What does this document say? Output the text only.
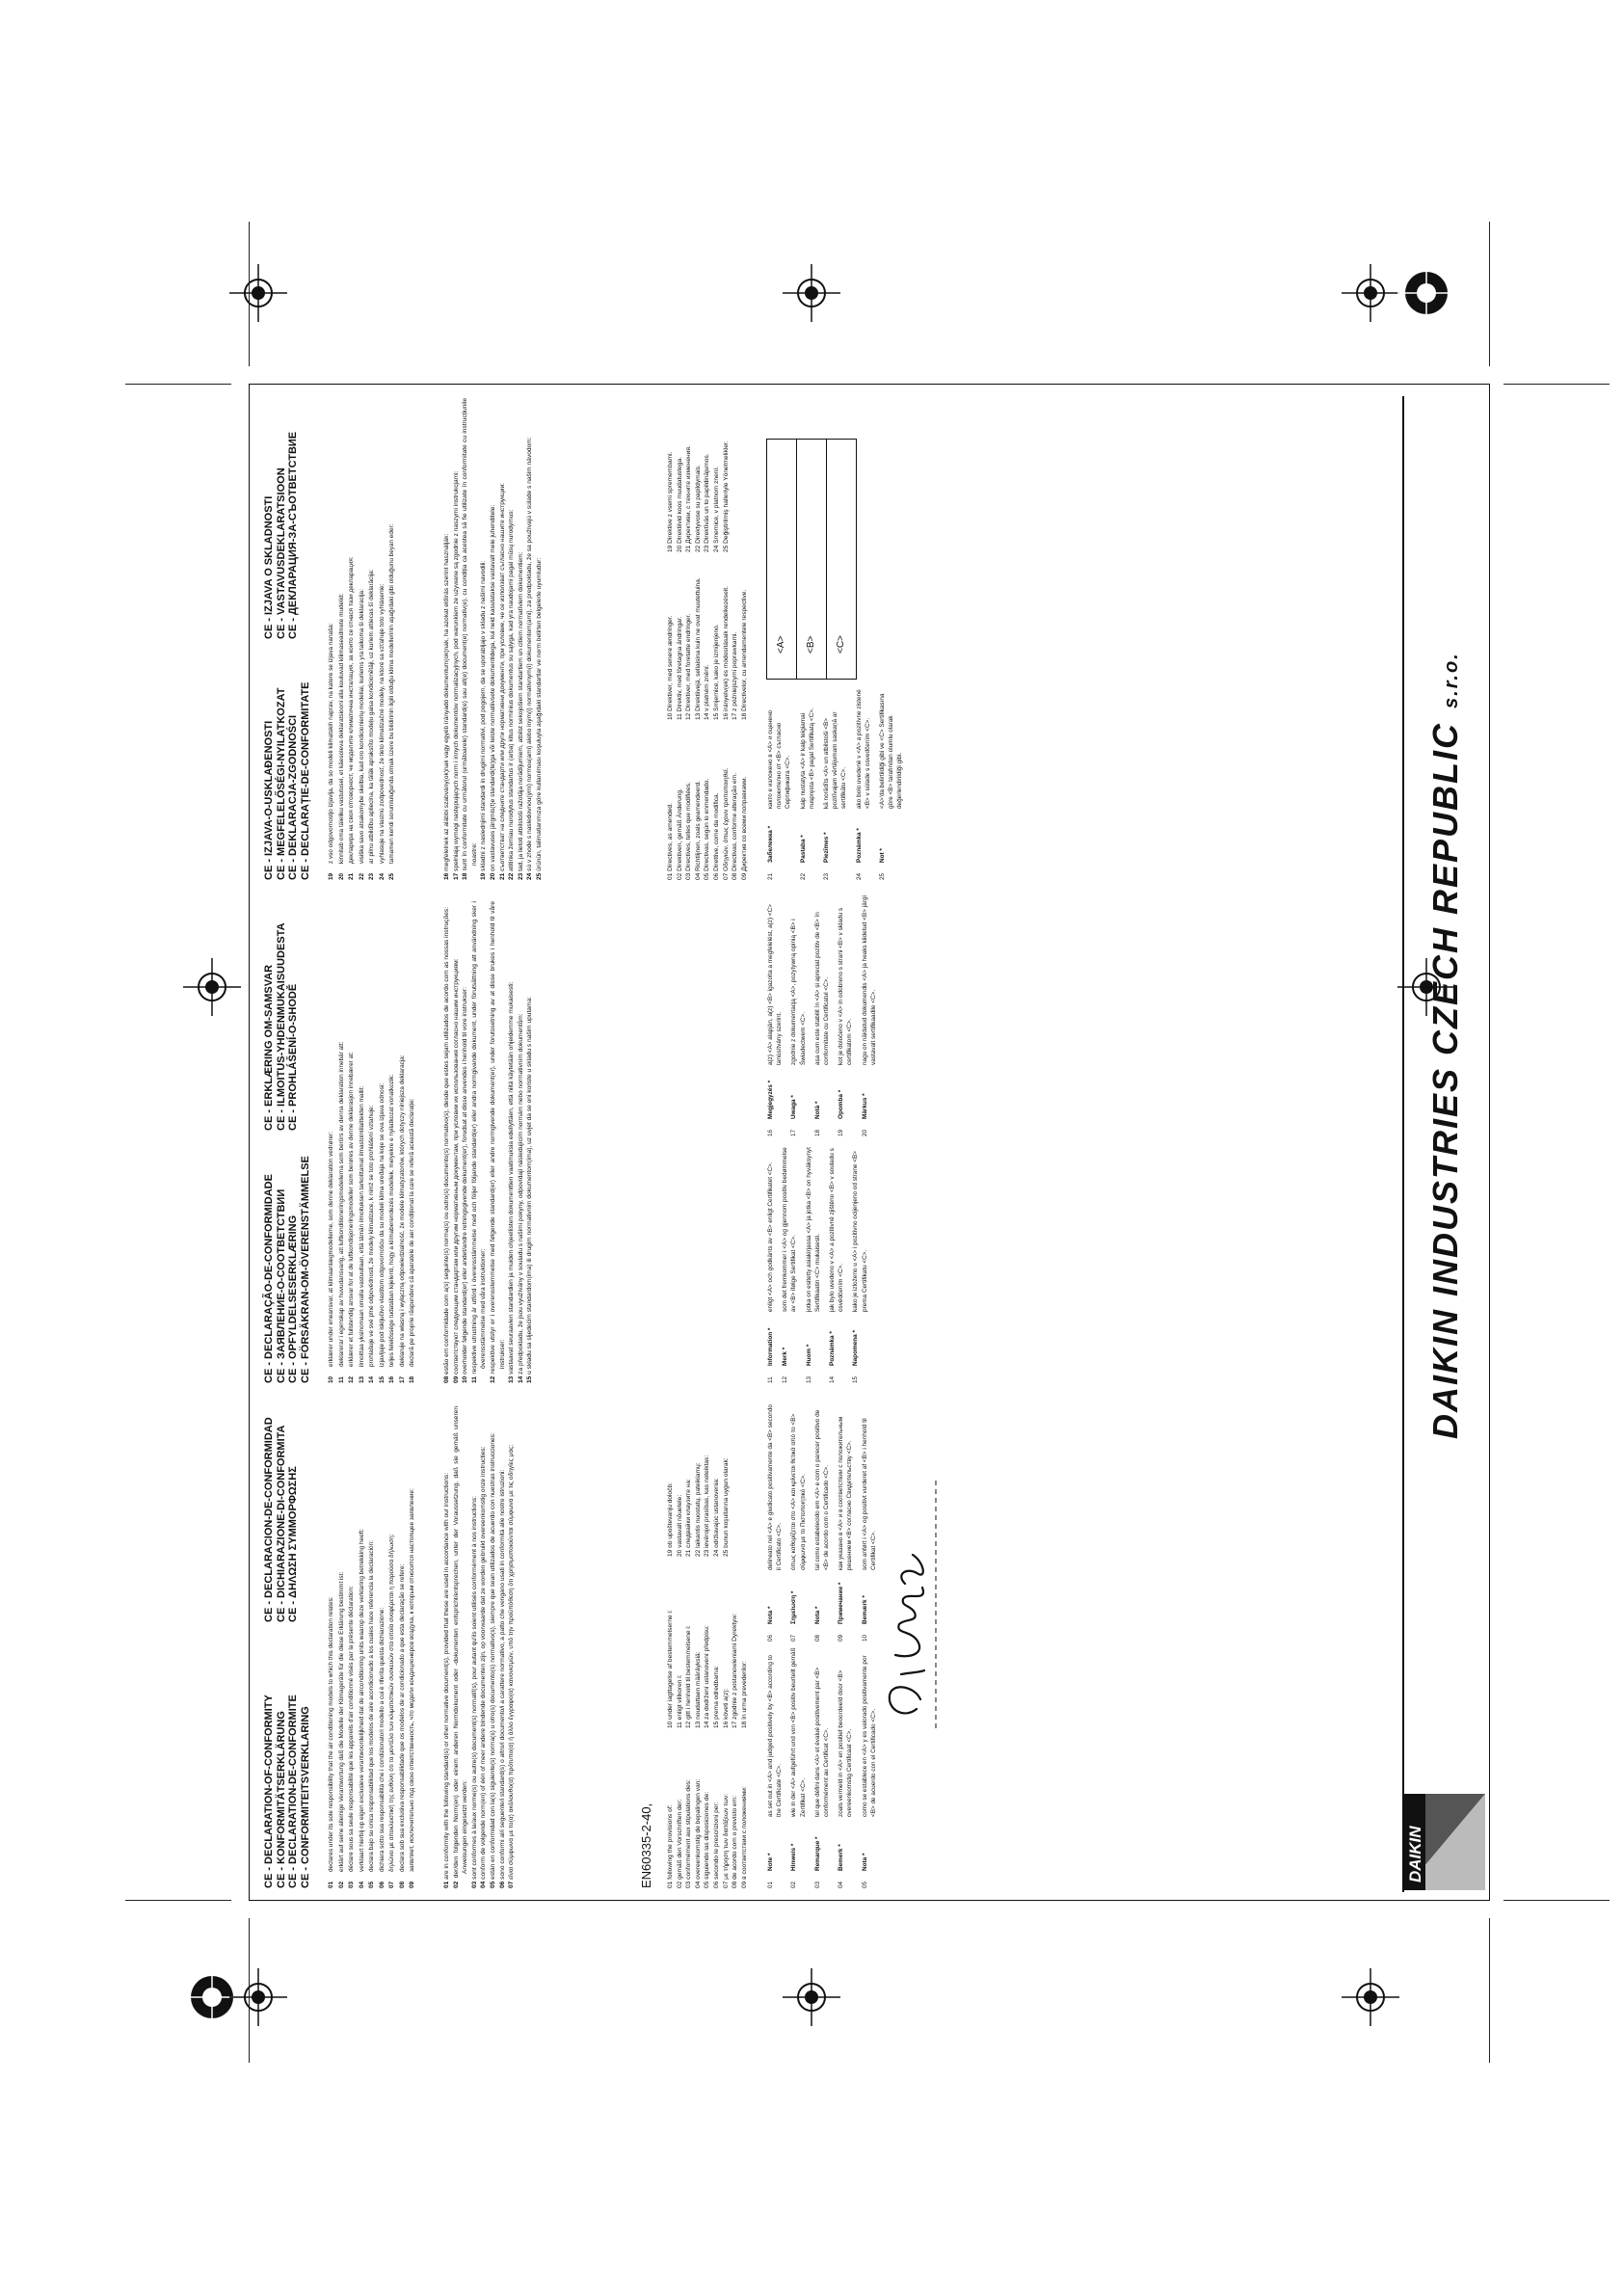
CE - DECLARATION-OF-CONFORMITY CE - KONFORMITÄTSERKLÄRUNG CE - DECLARATION-DE-CONFORMITE CE - CONFORMITEITSVERKLARING
CE - DECLARACION-DE-CONFORMIDAD CE - DICHIARAZIONE-DI-CONFORMITA CE - ΔΗΛΩΣΗ ΣΥΜΜΟΡΦΩΣΗΣ
01declares under its sole responsibility that the air conditioning models to which this declaration relates:
02erklärt auf seine alleinige Verantwortung daß die Modelle der Klimageräte für die diese Erklärung bestimmt ist:
03déclare sous sa seule responsabilité que les appareils d'air conditionné visés par la présente déclaration:
04verklaart hierbij op eigen exclusieve verantwoordelijkheid dat de airconditioning units waarop deze verklaring betrekking heeft:
05declara bajo su única responsabilidad que los modelos de aire acondicionado a los cuales hace referencia la declaración:
06dichiara sotto sua responsabilità che i condizionatori modello a cui è riferita questa dichiarazione:
07δηλώνει με αποκλειστική της ευθύνη ότι τα μοντέλα των κλιματιστικών συσκευών στα οποία αναφέρεται η παρούσα δήλωση:
08declara sob sua exclusiva responsabilidade que os modelos de ar condicionado a que esta declaração se refere:
09заявляет, исключительно под свою ответственность, что модели кондиционеров воздуха, к которым относится настоящее заявление:

01 are in conformity with the following standard(s) or other normative document(s), provided that these are used in accordance with our instructions:

02 der/den folgenden Norm(en) oder einem anderen Normdokument oder -dokumenten entspricht/entsprechen, unter der Voraussetzung, daß sie gemäß unseren Anweisungen eingesetzt werden:

03 sont conformes à la/aux norme(s) ou autre(s) document(s) normatif(s), pour autant qu'ils soient utilisés conformément à nos instructions:

04 conform de volgende norm(en) of één of meer andere bindende documenten zijn, op voorwaarde dat ze worden gebruikt overeenkomstig onze instructies:

05 están en conformidad con la(s) siguiente(s) norma(s) u otro(s) documento(s) normativo(s), siempre que sean utilizados de acuerdo con nuestras instrucciones:

06 sono conformi al/i seguente/i standard(s) o altro/i documento/i a carattere normativo, a patto che vengano usati in conformità alle nostre istruzioni:

07 είναι σύμφωνα με το(α) ακόλουθο(α) πρότυπο(α) ή άλλο έγγραφο(α) κανονισμών, υπό την προϋπόθεση ότι χρησιμοποιούνται σύμφωνα με τις οδηγίες μας:	EN60335-2-40, 01 following the provisions of: 02 gemäß den Vorschriften der: 03 conformément aux stipulations des: 04 overeenkomstig de bepalingen van: 05 siguiendo las disposiciones de: 06 secondo le prescrizioni per: 07 με τήρηση των διατάξεων των: 08 de acordo com o previsto em: 09 в соответствии с положениями:
10 under iagttagelse af bestemmelserne i: 11 enligt villkoren i: 12 gitt i henhold til bestemmelsene i: 13 noudattaen määräyksiä: 14 za dodržení ustanovení předpisu: 15 prema odredbama: 16 követi a(z): 17 zgodnie z postanowieniami Dyrektyw: 18 în urma prevederilor:
19 ob upoštevanju določb: 20 vastavalt nõuetele: 21 следвайки клаузите на: 22 laikantis nuostatų, pateikiamų: 23 ievērojot prasības, kas noteiktas: 24 održiavajúc ustanovenia: 25 bunun koşullarına uygun olarak:
01
Note *
as set out in <A> and judged positively by <B> according to the Certificate <C>.
02
Hinweis *
wie in der <A> aufgeführt und von <B> positiv beurteilt gemäß Zertifikat <C>.
03
Remarque *
tel que défini dans <A> et évalué positivement par <B> conformément au Certificat <C>.
04
Bemerk *
zoals vermeld in <A> en positief beoordeeld door <B> overeenkomstig Certificaat <C>.
05
Nota *
como se establece en <A> y es valorado positivamente por <B> de acuerdo con el Certificado <C>.
06
Nota *
delineato nel <A> e giudicato positivamente da <B> secondo il Certificato <C>.
07
Σημείωση *
όπως καθορίζεται στο <A> και κρίνεται θετικά από το <B> σύμφωνα με το Πιστοποιητικό <C>.
08
Nota *
tal como estabelecido em <A> e com o parecer positivo de <B> de acordo com o Certificado <C>.
09
Примечание *
как указано в <A> и в соответствии с положительным решением <B> согласно Свидетельству <C>.
10
Bemærk *
som anført i <A> og positivt vurderet af <B> i henhold til Certifikat <C>.
CE - DECLARAÇÃO-DE-CONFORMIDADE CE - ЗАЯВЛЕНИЕ-О-СООТВЕТСТВИИ CE - OPFYLDELSESERKLÆRING CE - FÖRSÄKRAN-OM-ÖVERENSTÄMMELSE
CE - ERKLÆRING OM-SAMSVAR CE - ILMOITUS-YHDENMUKAISUUDESTA CE - PROHLÁŠENÍ-O-SHODĚ
10erklærer under eneansvar, at klimaanlægmodellerne, som denne deklaration vedrører:
11deklarerar i egenskap av huvudansvarig, att luftkonditioneringsmodellerna som berörs av denna deklaration innebär att:
12erklærer et fullstendig ansvar for at de luftkondisjoneringsmodeller som berøres av denne deklarasjon innebærer at:
13ilmoittaa yksinomaan omalla vastuullaan, että tämän ilmoituksen tarkoittamat ilmastointilaitteiden mallit:
14prohlašuje ve své plné odpovědnosti, že modely klimatizace, k nimž se toto prohlášení vztahuje:
15izjavljuje pod isključivo vlastitom odgovornošću da su modeli klima uređaja na koje se ova izjava odnosi:
16teljes felelőssége tudatában kijelenti, hogy a klímaberendezés modellek, melyekre e nyilatkozat vonatkozik:
17deklaruje na własną i wyłączną odpowiedzialność, że modele klimatyzatorów, których dotyczy niniejsza deklaracja:
18declară pe proprie răspundere că aparatele de aer condiționat la care se referă această declarație:

08 estão em conformidade com a(s) seguinte(s) norma(s) ou outro(s) documento(s) normativo(s), desde que estes sejam utilizados de acordo com as nossas instruções:

09 соответствуют следующим стандартам или другим нормативным документам, при условии их использования согласно нашим инструкциям:

10 overholder følgende standard(er) eller andet/andre retningsgivende dokument(er), forudsat at disse anvendes i henhold til vore instrukser:

11 respektive utrustning är utförd i överensstämmelse med och följer följande standard(er) eller andra normgivande dokument, under förutsättning att användning sker i överensstämmelse med våra instruktioner:

12 respektive utstyr er i overensstemmelse med følgende standard(er) eller andre normgivende dokument(er), under forutssetning av at disse brukes i henhold til våre instrukser:

13 vastaavat seuraavien standardien ja muiden ohjeellisten dokumenttien vaatimuksia edellyttäen, että niitä käytetään ohjeidemme mukaisesti:

14 za předpokladu, že jsou využívány v souladu s našimi pokyny, odpovídají následujícím normám nebo normativním dokumentům:

15 u skladu sa sljedećim standardom(ima) ili drugim normativnim dokumentom(ima), uz uvjet da se oni koriste u skladu s našim uputama:

11
Information *
enligt <A> och godkänts av <B> enligt Certifikatet <C>.
12
Merk *
som det fremkommer i <A> og gjennom positiv bedømmelse av <B> ifølge Sertifikat <C>.
13
Huom *
jotka on esitetty asiakirjassa <A> ja jotka <B> on hyväksynyt Sertifikaatin <C> mukaisesti.
14
Poznámka *
jak bylo uvedeno v <A> a pozitivně zjištěno <B> v souladu s osvědčením <C>.
15
Napomena *
kako je izloženo u <A> i pozitivno ocijenjeno od strane <B> prema Certifikatu <C>.
16
Megjegyzés *
a(z) <A> alapján, a(z) <B> igazolta a megfelelést, a(z) <C> tanúsítvány szerint.
17
Uwaga *
zgodnie z dokumentacją <A>, pozytywną opinią <B> i Świadectwem <C>.
18
Notă *
așa cum este stabilit în <A> și apreciat pozitiv de <B> în conformitate cu Certificatul <C>.
19
Opomba *
kot je določeno v <A> in odobreno s strani <B> v skladu s certifikatom <C>.
20
Märkus *
nagu on näidatud dokumendis <A> ja heaks kiidetud <B> järgi vastavalt sertifikaadile <C>.
CE - IZJAVA-O-USKLAĐENOSTI CE - MEGFELELŐSÉGI-NYILATKOZAT CE - DEKLARACJA-ZGODNOŚCI CE - DECLARAȚIE-DE-CONFORMITATE
CE - IZJAVA O SKLADNOSTI CE - VASTAVUSDEKLARATSIOON CE - ДЕКЛАРАЦИЯ-ЗА-СЪОТВЕТСТВИЕ
19z vso odgovornostjo izjavlja, da so modeli klimatskih naprav, na katere se izjava nanaša:
20kinnitab oma täieliku vastutusel, et käesoleva deklaratsiooni alla kuuluvad kliimaseadmete mudelid:
21декларира на своя отговорност, че моделите климатична инсталация, за които се отнася тази декларация:
22visiška savo atsakomybe skelbia, kad oro kondicionierių modeliai, kuriems yra taikoma ši deklaracija:
23ar pilnu atbildību apliecina, ka tālāk aprakstīto modeļu gaisa kondicionētāji, uz kuriem attiecas šī deklarācija:
24vyhlasuje na vlastnú zodpovednosť, že tieto klimatizačné modely, na ktoré sa vzťahuje toto vyhlásenie:
25tamamen kendi sorumluluğunda olmak üzere bu bildirinin ilgili olduğu klima modellerinin aşağıdaki gibi olduğunu beyan eder:

16 megfelelnek az alábbi szabvány(ok)nak vagy egyéb irányadó dokumentum(ok)nak, ha azokat előírás szerint használják:

17 spełniają wymogi następujących norm i innych dokumentów normalizacyjnych, pod warunkiem że używane są zgodnie z naszymi instrukcjami:

18 sunt în conformitate cu următorul (următoarele) standard(e) sau alt(e) document(e) normativ(e), cu condiția ca acestea să fie utilizate în conformitate cu instrucțiunile noastre:

19 skladni z naslednjimi standardi in drugimi normativi, pod pogojem, da se uporabljajo v skladu z našimi navodili:

20 on vastavuses järgmis(t)e standardi(te)ga või teiste normatiivsete dokumentidega, kui neid kasutatakse vastavalt meie juhenditele:

21 съответстват на следните стандарти или други нормативни документи, при условие, че се използват съгласно нашите инструкции:

22 atitinka žemiau nurodytus standartus ir (arba) kitus norminius dokumentus su sąlyga, kad yra naudojami pagal mūsų nurodymus:

23 tad, ja lietoti atbilstoši ražotāja norādījumiem, atbilst sekojošiem standartiem un citiem normatīviem dokumentiem:

24 sú v zhode s nasledovnou(ými) normou(ami) alebo iným(i) normatívnym(i) dokumentom(ami), za predpokladu, že sa používajú v súlade s našim návodom:

25 ürünün, talimatlarımıza göre kullanılması koşuluyla aşağıdaki standartlar ve norm belirten belgelerle uyumludur:	01 Directives, as amended. 02 Direktiven, gemäß Änderung. 03 Directives, telles que modifiées. 04 Richtlijnen, zoals geamendeerd. 05 Directivas, según lo enmendado. 06 Direttive, come da modifica. 07 Οδηγιών, όπως έχουν τροποποιηθεί. 08 Directivas, conforme alteração em. 09 Директив со всеми поправками.
10 Direktiver, med senere ændringer. 11 Direktiv, med företagna ändringar. 12 Direktiver, med foretatte endringer. 13 Direktiivejä, sellaisina kuin ne ovat muutettuina. 14 v platném znění. 15 Smjernice, kako je izmijenjeno. 16 irányelv(ek) és módosításaik rendelkezéseit. 17 z późniejszymi poprawkami. 18 Directivelor, cu amendamentele respective.
19 Direktive z vsemi spremembami. 20 Direktiivid koos muudatustega. 21 Директиви, с техните изменения. 22 Direktyvose su papildymais. 23 Direktīvās un to papildinājumos. 24 Smernice, v platnom znení. 25 Değiştirilmiş halleriyle Yönetmelikler.
21
Забележка *
както е изложено в <A> и оценено положително от <B> съгласно Сертификата <C>.
22
Pastaba *
kaip nustatyta <A> ir kaip teigiamai nuspręsta <B> pagal Sertifikatą <C>.
23
Piezīmes *
kā norādīts <A> un atbilstoši <B> pozitīvajam vērtējumam saskaņā ar sertifikātu <C>.
24
Poznámka *
ako bolo uvedené v <A> a pozitívne zistené <B> v súlade s osvedčením <C>.
25
Not *
<A>'da belirtildiği gibi ve <C> Sertifikasına göre <B> tarafından olumlu olarak değerlendirildiği gibi.
<A>	<B>	<C>
DAIKIN INDUSTRIES CZECH REPUBLICs.r.o.
DAIKIN
